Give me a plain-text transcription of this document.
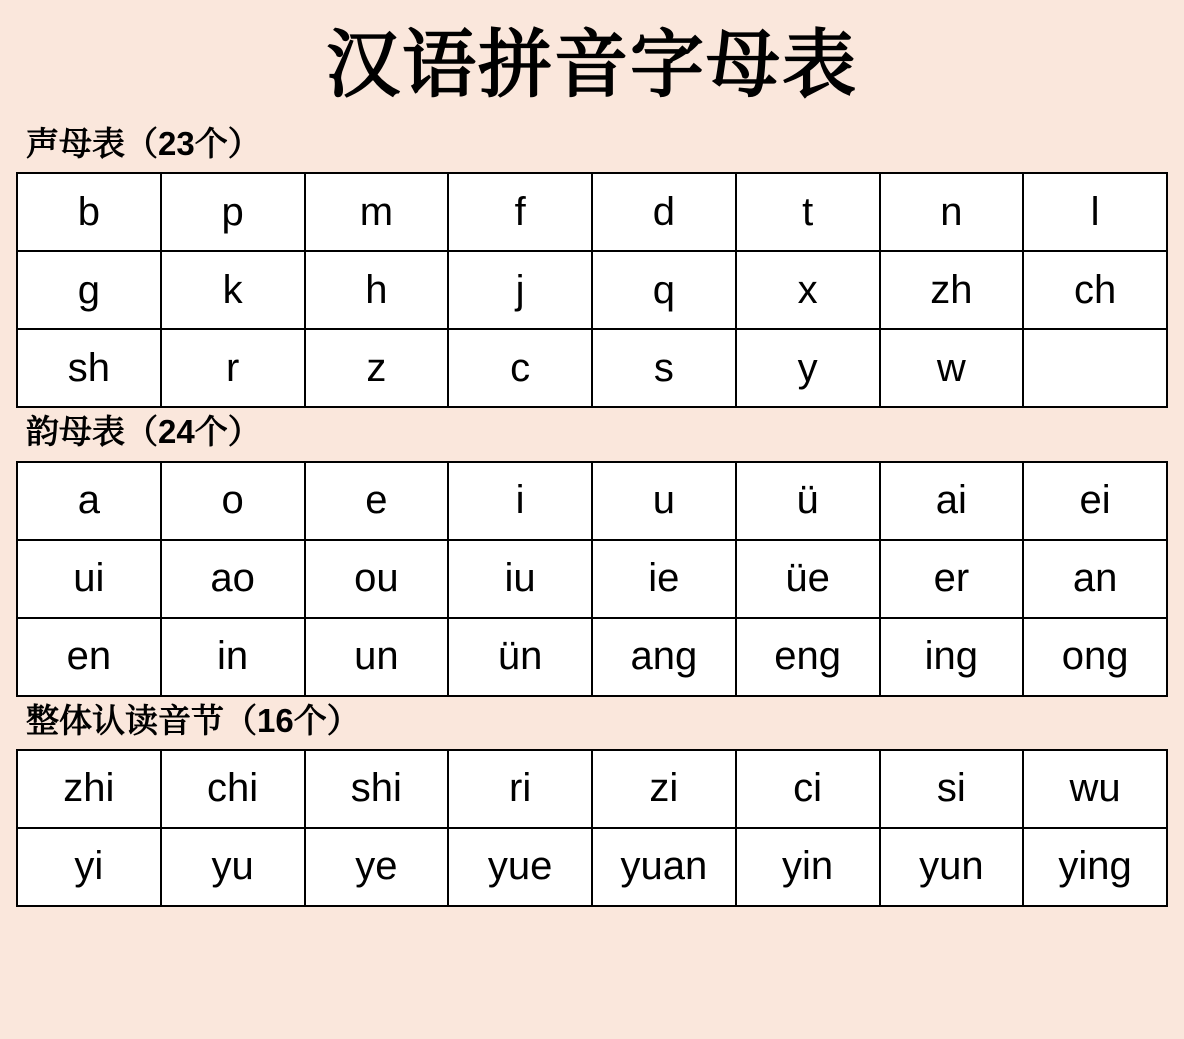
汉语拼音字母表
声母表（23个）
b	p	m	f	d	t	n	l
g	k	h	j	q	x	zh	ch
sh	r	z	c	s	y	w	
韵母表（24个）
a	o	e	i	u	ü	ai	ei
ui	ao	ou	iu	ie	üe	er	an
en	in	un	ün	ang	eng	ing	ong
整体认读音节（16个）
zhi	chi	shi	ri	zi	ci	si	wu
yi	yu	ye	yue	yuan	yin	yun	ying
